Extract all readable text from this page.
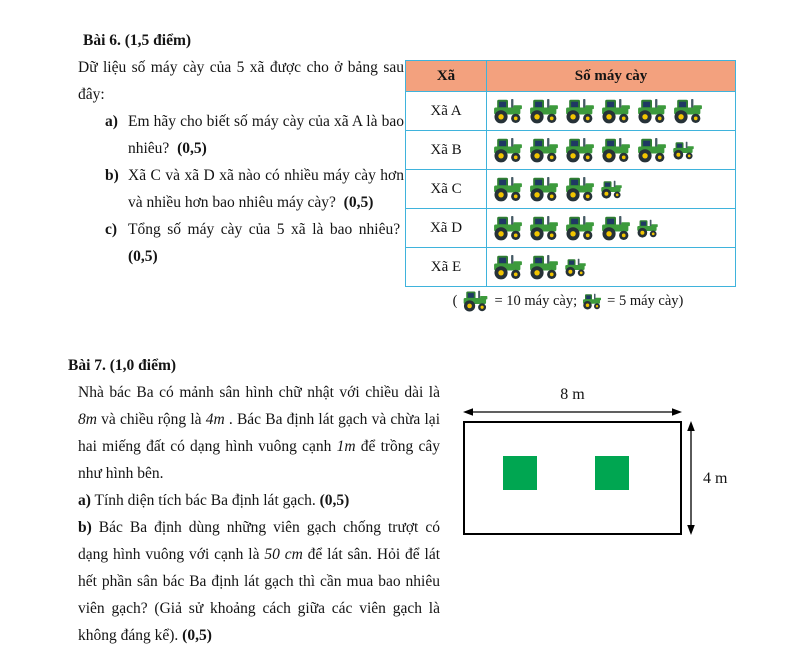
Bài 6. (1,5 điểm)

Dữ liệu số máy cày của 5 xã được cho ở bảng sau đây:

a) Em hãy cho biết số máy cày của xã A là bao nhiêu?  (0,5)
b) Xã C và xã D xã nào có nhiều máy cày hơn và nhiều hơn bao nhiêu máy cày?  (0,5)
c) Tổng số máy cày của 5 xã là bao nhiêu?  (0,5)
Xã	Số máy cày
Xã A	

Xã B	

Xã C	

Xã D	

Xã E	
(	= 10 máy cày; = 5 máy cày)

Bài 7. (1,0 điểm)

Nhà bác Ba có mảnh sân hình chữ nhật với chiều dài là 8m và chiều rộng là 4m . Bác Ba định lát gạch và chừa lại hai miếng đất có dạng hình vuông cạnh 1m để trồng cây như hình bên.

a) Tính diện tích bác Ba định lát gạch. (0,5)

b) Bác Ba định dùng những viên gạch chống trượt có dạng hình vuông với cạnh là 50 cm để lát sân. Hỏi để lát hết phần sân bác Ba định lát gạch thì cần mua bao nhiêu viên gạch? (Giả sử khoảng cách giữa các viên gạch là không đáng kể). (0,5)

8 m
4 m
